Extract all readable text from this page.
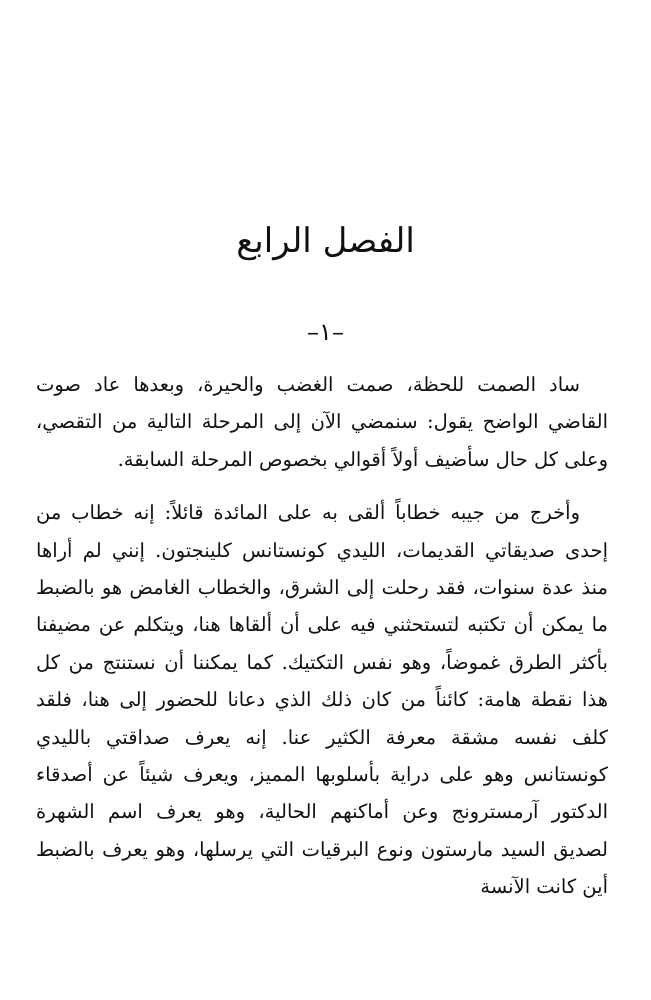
الفصل الرابع
–١–

ساد الصمت للحظة، صمت الغضب والحيرة، وبعدها عاد صوت القاضي الواضح يقول: سنمضي الآن إلى المرحلة التالية من التقصي، وعلى كل حال سأضيف أولاً أقوالي بخصوص المرحلة السابقة.

وأخرج من جيبه خطاباً ألقى به على المائدة قائلاً: إنه خطاب من إحدى صديقاتي القديمات، الليدي كونستانس كلينجتون. إنني لم أراها منذ عدة سنوات، فقد رحلت إلى الشرق، والخطاب الغامض هو بالضبط ما يمكن أن تكتبه لتستحثني فيه على أن ألقاها هنا، ويتكلم عن مضيفنا بأكثر الطرق غموضاً، وهو نفس التكتيك. كما يمكننا أن نستنتج من كل هذا نقطة هامة: كائناً من كان ذلك الذي دعانا للحضور إلى هنا، فلقد كلف نفسه مشقة معرفة الكثير عنا. إنه يعرف صداقتي بالليدي كونستانس وهو على دراية بأسلوبها المميز، ويعرف شيئاً عن أصدقاء الدكتور آرمسترونج وعن أماكنهم الحالية، وهو يعرف اسم الشهرة لصديق السيد مارستون ونوع البرقيات التي يرسلها، وهو يعرف بالضبط أين كانت الآنسة
